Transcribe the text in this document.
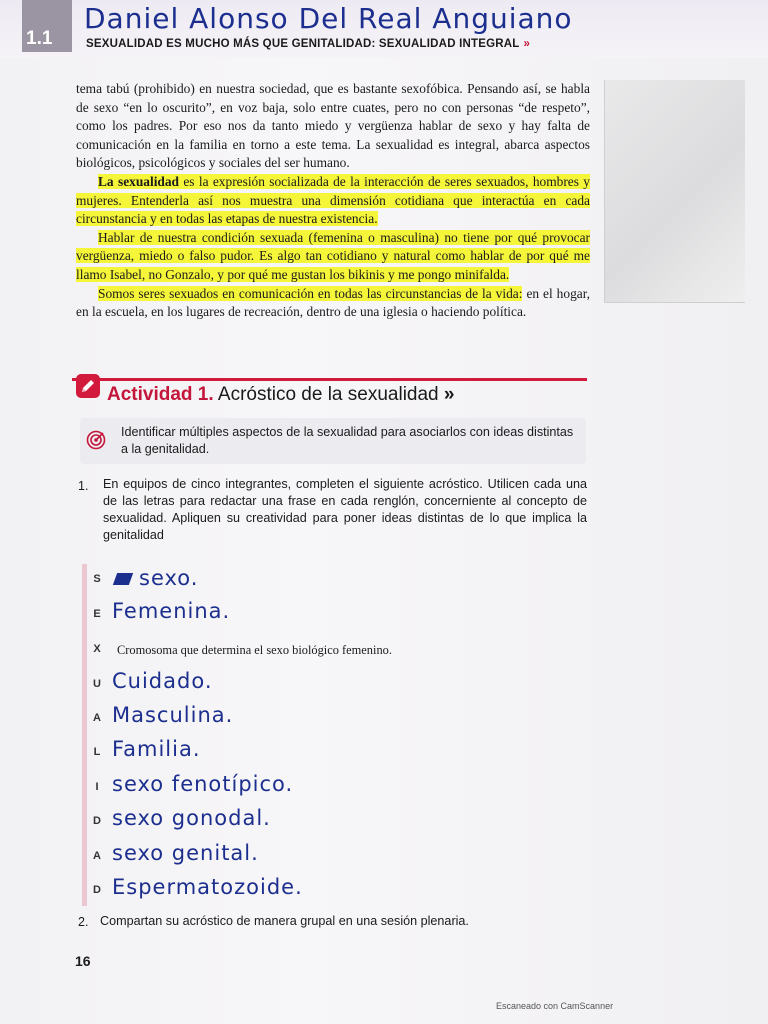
1.1
Daniel Alonso Del Real Anguiano
SEXUALIDAD ES MUCHO MÁS QUE GENITALIDAD: SEXUALIDAD INTEGRAL »

tema tabú (prohibido) en nuestra sociedad, que es bastante sexofóbica. Pensando así, se habla de sexo “en lo oscurito”, en voz baja, solo entre cuates, pero no con personas “de respeto”, como los padres. Por eso nos da tanto miedo y vergüenza hablar de sexo y hay falta de comunicación en la familia en torno a este tema. La sexualidad es integral, abarca aspectos biológicos, psicológicos y sociales del ser humano.

La sexualidad es la expresión socializada de la interacción de seres sexuados, hombres y mujeres. Entenderla así nos muestra una dimensión cotidiana que interactúa en cada circunstancia y en todas las etapas de nuestra existencia.

Hablar de nuestra condición sexuada (femenina o masculina) no tiene por qué provocar vergüenza, miedo o falso pudor. Es algo tan cotidiano y natural como hablar de por qué me llamo Isabel, no Gonzalo, y por qué me gustan los bikinis y me pongo minifalda.

Somos seres sexuados en comunicación en todas las circunstancias de la vida: en el hogar, en la escuela, en los lugares de recreación, dentro de una iglesia o haciendo política.

Actividad 1. Acróstico de la sexualidad »
Identificar múltiples aspectos de la sexualidad para asociarlos con ideas distintas a la genitalidad.
1. En equipos de cinco integrantes, completen el siguiente acróstico. Utilicen cada una de las letras para redactar una frase en cada renglón, concerniente al concepto de sexualidad. Apliquen su creatividad para poner ideas distintas de lo que implica la genitalidad
S	sexo.
E Femenina.
X Cromosoma que determina el sexo biológico femenino.
U Cuidado.
A Masculina.
L Familia.
I sexo fenotípico.
D sexo gonodal.
A sexo genital.
D Espermatozoide.
2. Compartan su acróstico de manera grupal en una sesión plenaria.
16
Escaneado con CamScanner
